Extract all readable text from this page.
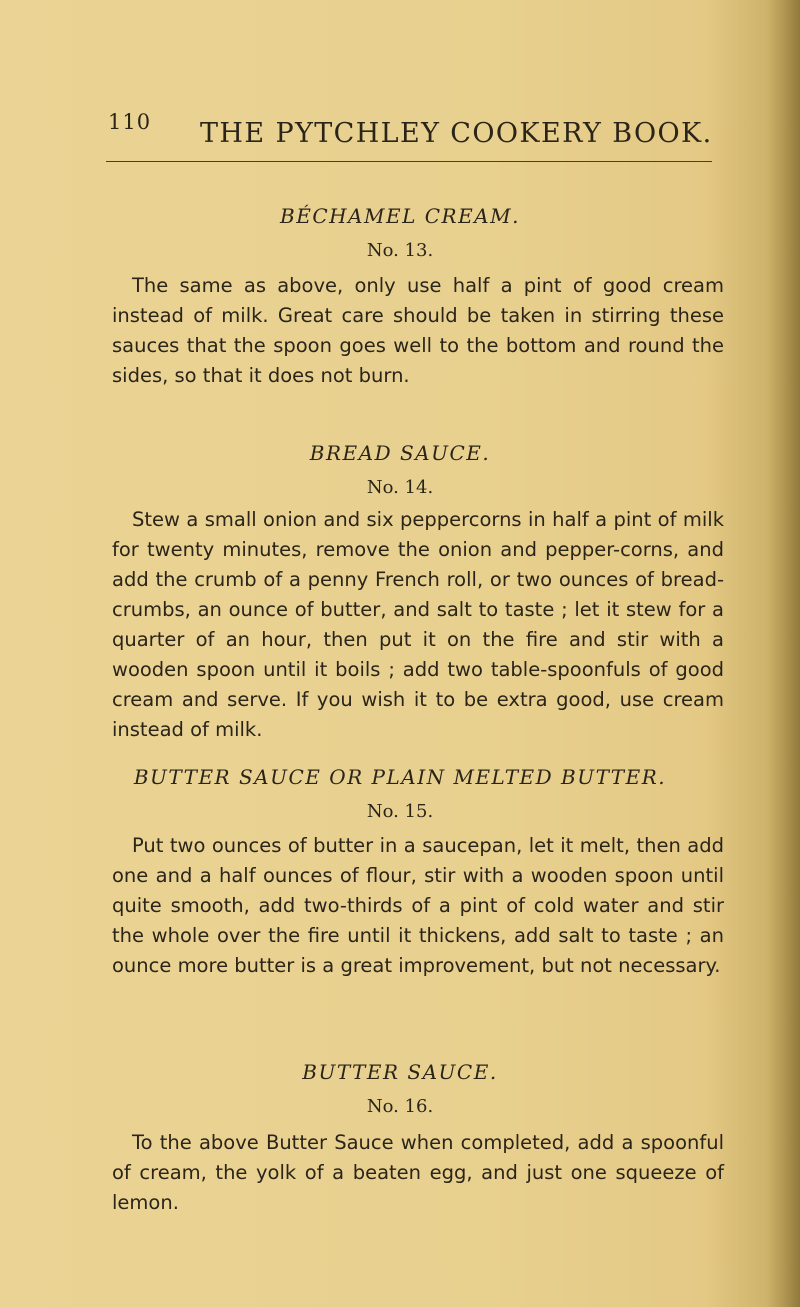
110 THE PYTCHLEY COOKERY BOOK.
BÉCHAMEL CREAM.
No. 13.

The same as above, only use half a pint of good cream instead of milk. Great care should be taken in stirring these sauces that the spoon goes well to the bottom and round the sides, so that it does not burn.

BREAD SAUCE.
No. 14.

Stew a small onion and six peppercorns in half a pint of milk for twenty minutes, remove the onion and pepper-corns, and add the crumb of a penny French roll, or two ounces of bread-crumbs, an ounce of butter, and salt to taste ; let it stew for a quarter of an hour, then put it on the fire and stir with a wooden spoon until it boils ; add two table-spoonfuls of good cream and serve. If you wish it to be extra good, use cream instead of milk.

BUTTER SAUCE OR PLAIN MELTED BUTTER.
No. 15.

Put two ounces of butter in a saucepan, let it melt, then add one and a half ounces of flour, stir with a wooden spoon until quite smooth, add two-thirds of a pint of cold water and stir the whole over the fire until it thickens, add salt to taste ; an ounce more butter is a great improvement, but not necessary.

BUTTER SAUCE.
No. 16.

To the above Butter Sauce when completed, add a spoonful of cream, the yolk of a beaten egg, and just one squeeze of lemon.
